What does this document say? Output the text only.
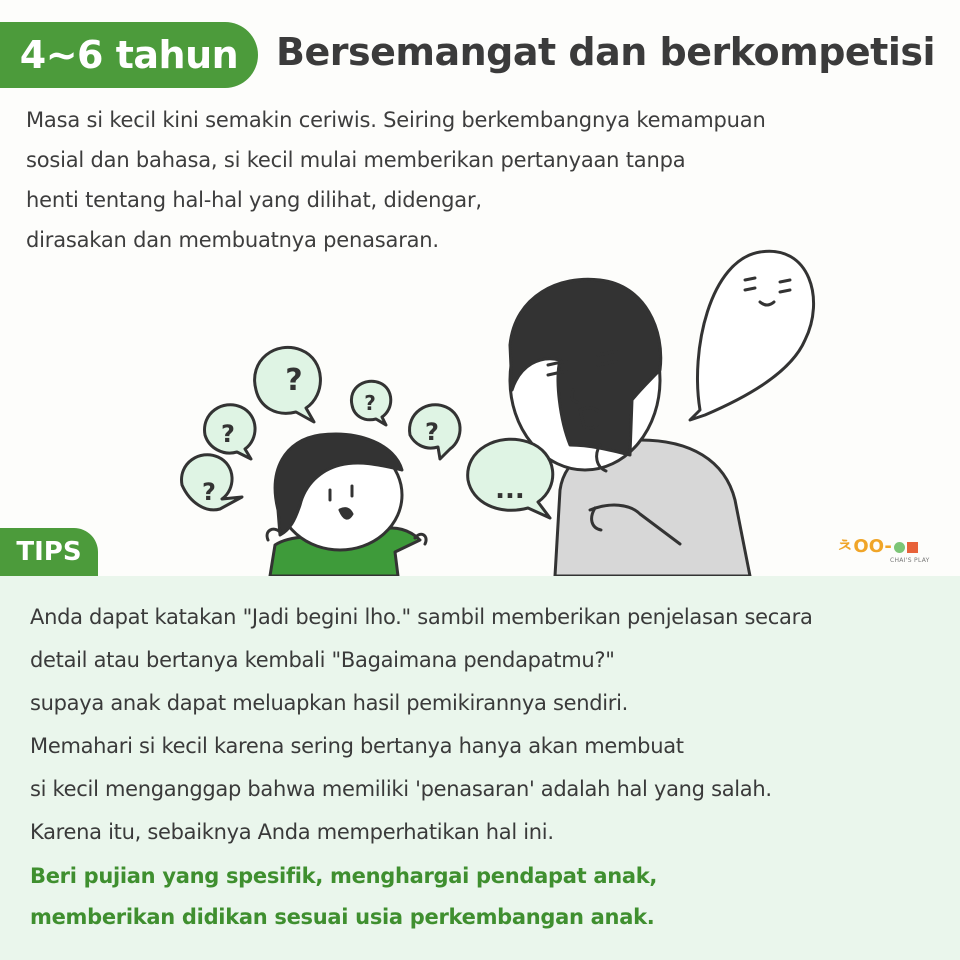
4~6 tahun Bersemangat dan berkompetisi

Masa si kecil kini semakin ceriwis. Seiring berkembangnya kemampuan
sosial dan bahasa, si kecil mulai memberikan pertanyaan tanpa
henti tentang hal-hal yang dilihat, didengar,
dirasakan dan membuatnya penasaran.

?
?
?	?
?	...
ㅊOO-
CHAI'S PLAY
TIPS

Anda dapat katakan "Jadi begini lho." sambil memberikan penjelasan secara
detail atau bertanya kembali "Bagaimana pendapatmu?"
supaya anak dapat meluapkan hasil pemikirannya sendiri.
Memahari si kecil karena sering bertanya hanya akan membuat
si kecil menganggap bahwa memiliki 'penasaran' adalah hal yang salah.
Karena itu, sebaiknya Anda memperhatikan hal ini.

Beri pujian yang spesifik, menghargai pendapat anak,
memberikan didikan sesuai usia perkembangan anak.
